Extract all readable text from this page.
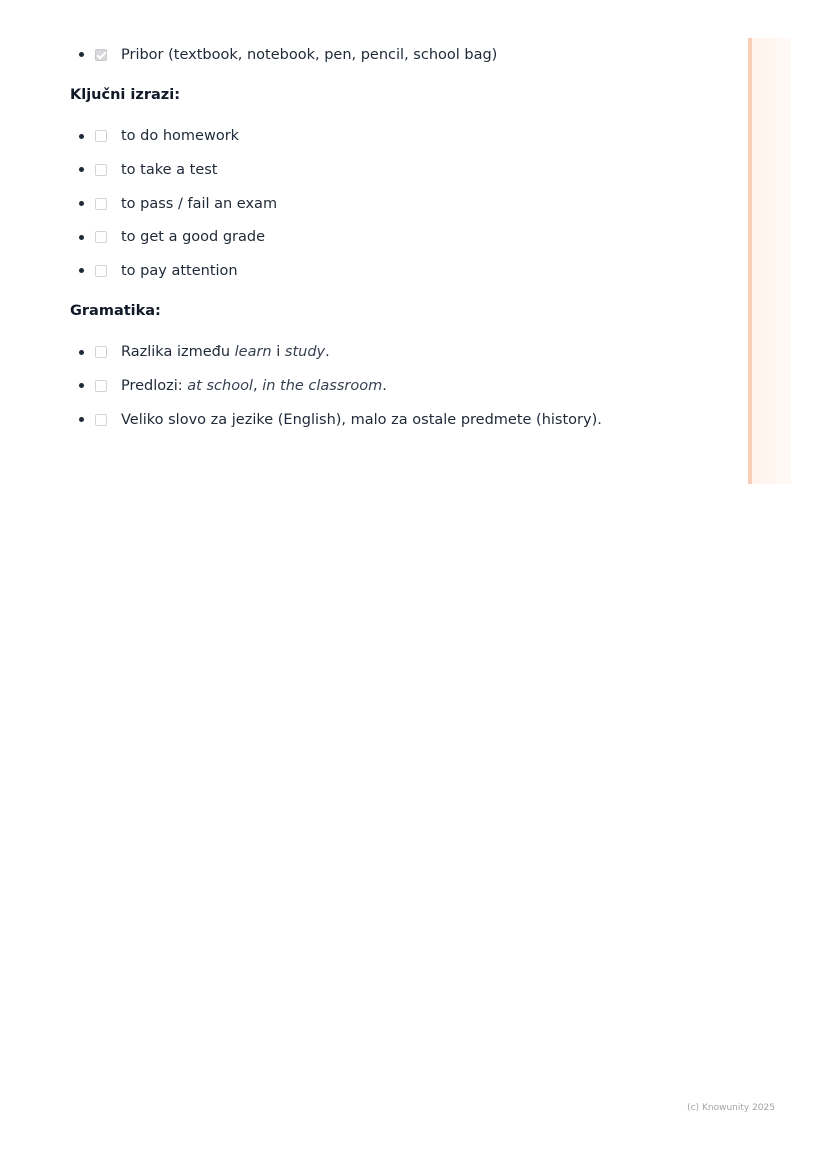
Pribor (textbook, notebook, pen, pencil, school bag)
Ključni izrazi:
to do homework
to take a test
to pass / fail an exam
to get a good grade
to pay attention
Gramatika:
Razlika između learn i study.
Predlozi: at school, in the classroom.
Veliko slovo za jezike (English), malo za ostale predmete (history).
(c) Knowunity 2025
